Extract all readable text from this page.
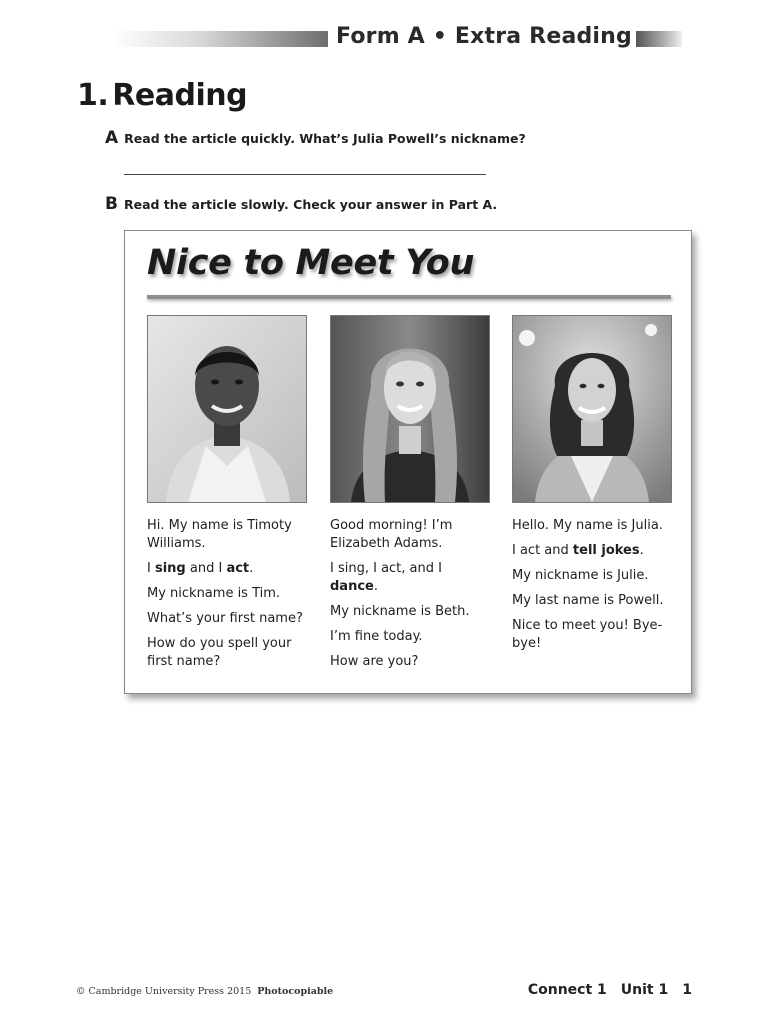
Form A • Extra Reading
1. Reading
A Read the article quickly. What’s Julia Powell’s nickname?
B Read the article slowly. Check your answer in Part A.
Nice to Meet You

Hi. My name is Timoty Williams.

I sing and I act.

My nickname is Tim.

What’s your first name?

How do you spell your first name?

Good morning! I’m Elizabeth Adams.

I sing, I act, and I dance.

My nickname is Beth.

I’m fine today.

How are you?

Hello. My name is Julia.

I act and tell jokes.

My nickname is Julie.

My last name is Powell.

Nice to meet you! Bye-bye!

© Cambridge University Press 2015 Photocopiable	Connect 1 Unit 1 1
